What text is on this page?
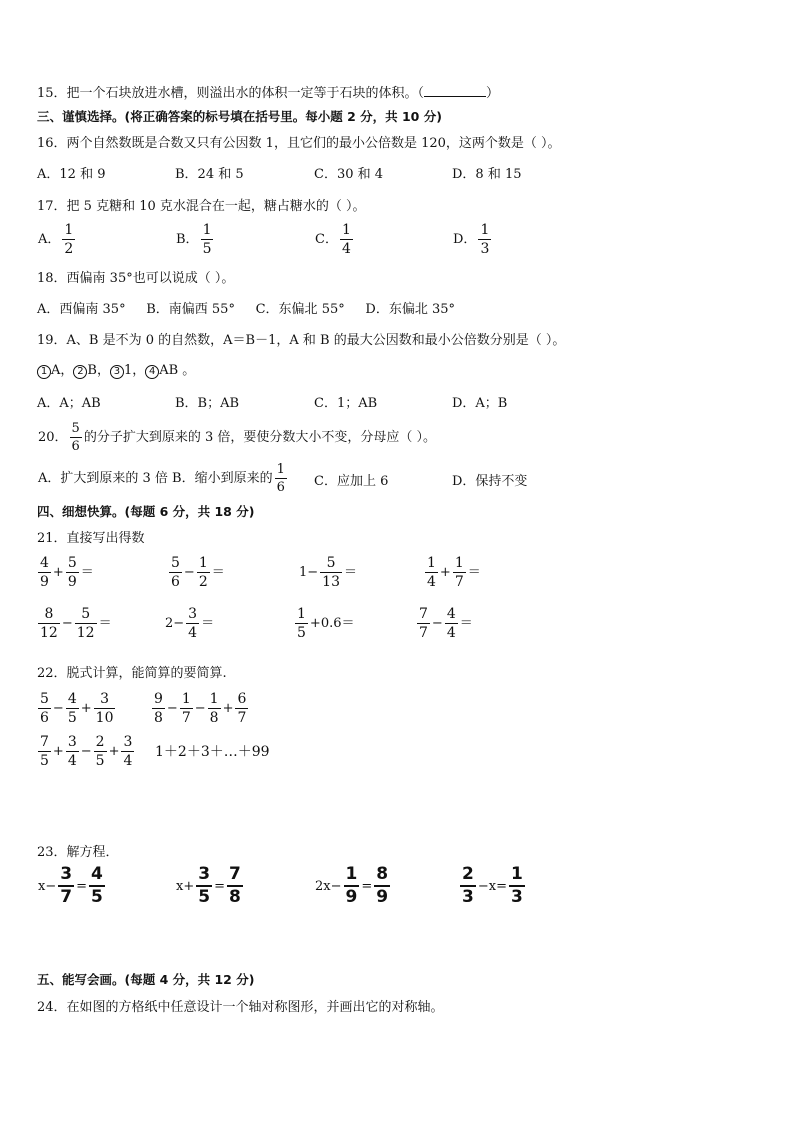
15．把一个石块放进水槽，则溢出水的体积一定等于石块的体积。（	）
三、谨慎选择。(将正确答案的标号填在括号里。每小题 2 分，共 10 分)
16．两个自然数既是合数又只有公因数 1，且它们的最小公倍数是 120，这两个数是（ ）。
A．12 和 9	B．24 和 5	C．30 和 4	D．8 和 15
17．把 5 克糖和 10 克水混合在一起，糖占糖水的（ ）。
A． $\frac{1}{2}$	B． $\frac{1}{5}$	C． $\frac{1}{4}$	D． $\frac{1}{3}$
18．西偏南 35°也可以说成（ ）。
A．西偏南 35°     B．南偏西 55°     C．东偏北 55°     D．东偏北 35°
19．A、B 是不为 0 的自然数，A＝B－1，A 和 B 的最大公因数和最小公倍数分别是（ ）。
1 A， 2 B， 3 1， 4 AB 。
A．A；AB	B．B；AB	C．1；AB	D．A；B
20． $\frac{5}{6}$ 的分子扩大到原来的 3 倍，要使分数大小不变，分母应（ ）。
A．扩大到原来的 3 倍 B．缩小到原来的 $\frac{1}{6}$ C．应加上 6	D．保持不变
四、细想快算。(每题 6 分，共 18 分)
21．直接写出得数
$\frac{4}{9} + \frac{5}{9}$ ＝	$\frac{5}{6} - \frac{1}{2}$ ＝	$1- \frac{5}{13}$ ＝	$\frac{1}{4} + \frac{1}{7}$ ＝
$\frac{8}{12} - \frac{5}{12}$ ＝	$2- \frac{3}{4}$ ＝	$\frac{1}{5} +0.6=$	$\frac{7}{7} - \frac{4}{4}$ ＝
22．脱式计算，能简算的要简算.
$\frac{5}{6} - \frac{4}{5} + \frac{3}{10}$	$\frac{9}{8} - \frac{1}{7} - \frac{1}{8} + \frac{6}{7}$
$\frac{7}{5} + \frac{3}{4} - \frac{2}{5} + \frac{3}{4}$ 1＋2＋3＋…＋99
23．解方程．
$x- \frac{3}{7} = \frac{4}{5}$	$x+ \frac{3}{5} = \frac{7}{8}$	$2x- \frac{1}{9} = \frac{8}{9}$	$\frac{2}{3} -x= \frac{1}{3}$
五、能写会画。(每题 4 分，共 12 分)
24．在如图的方格纸中任意设计一个轴对称图形，并画出它的对称轴。
